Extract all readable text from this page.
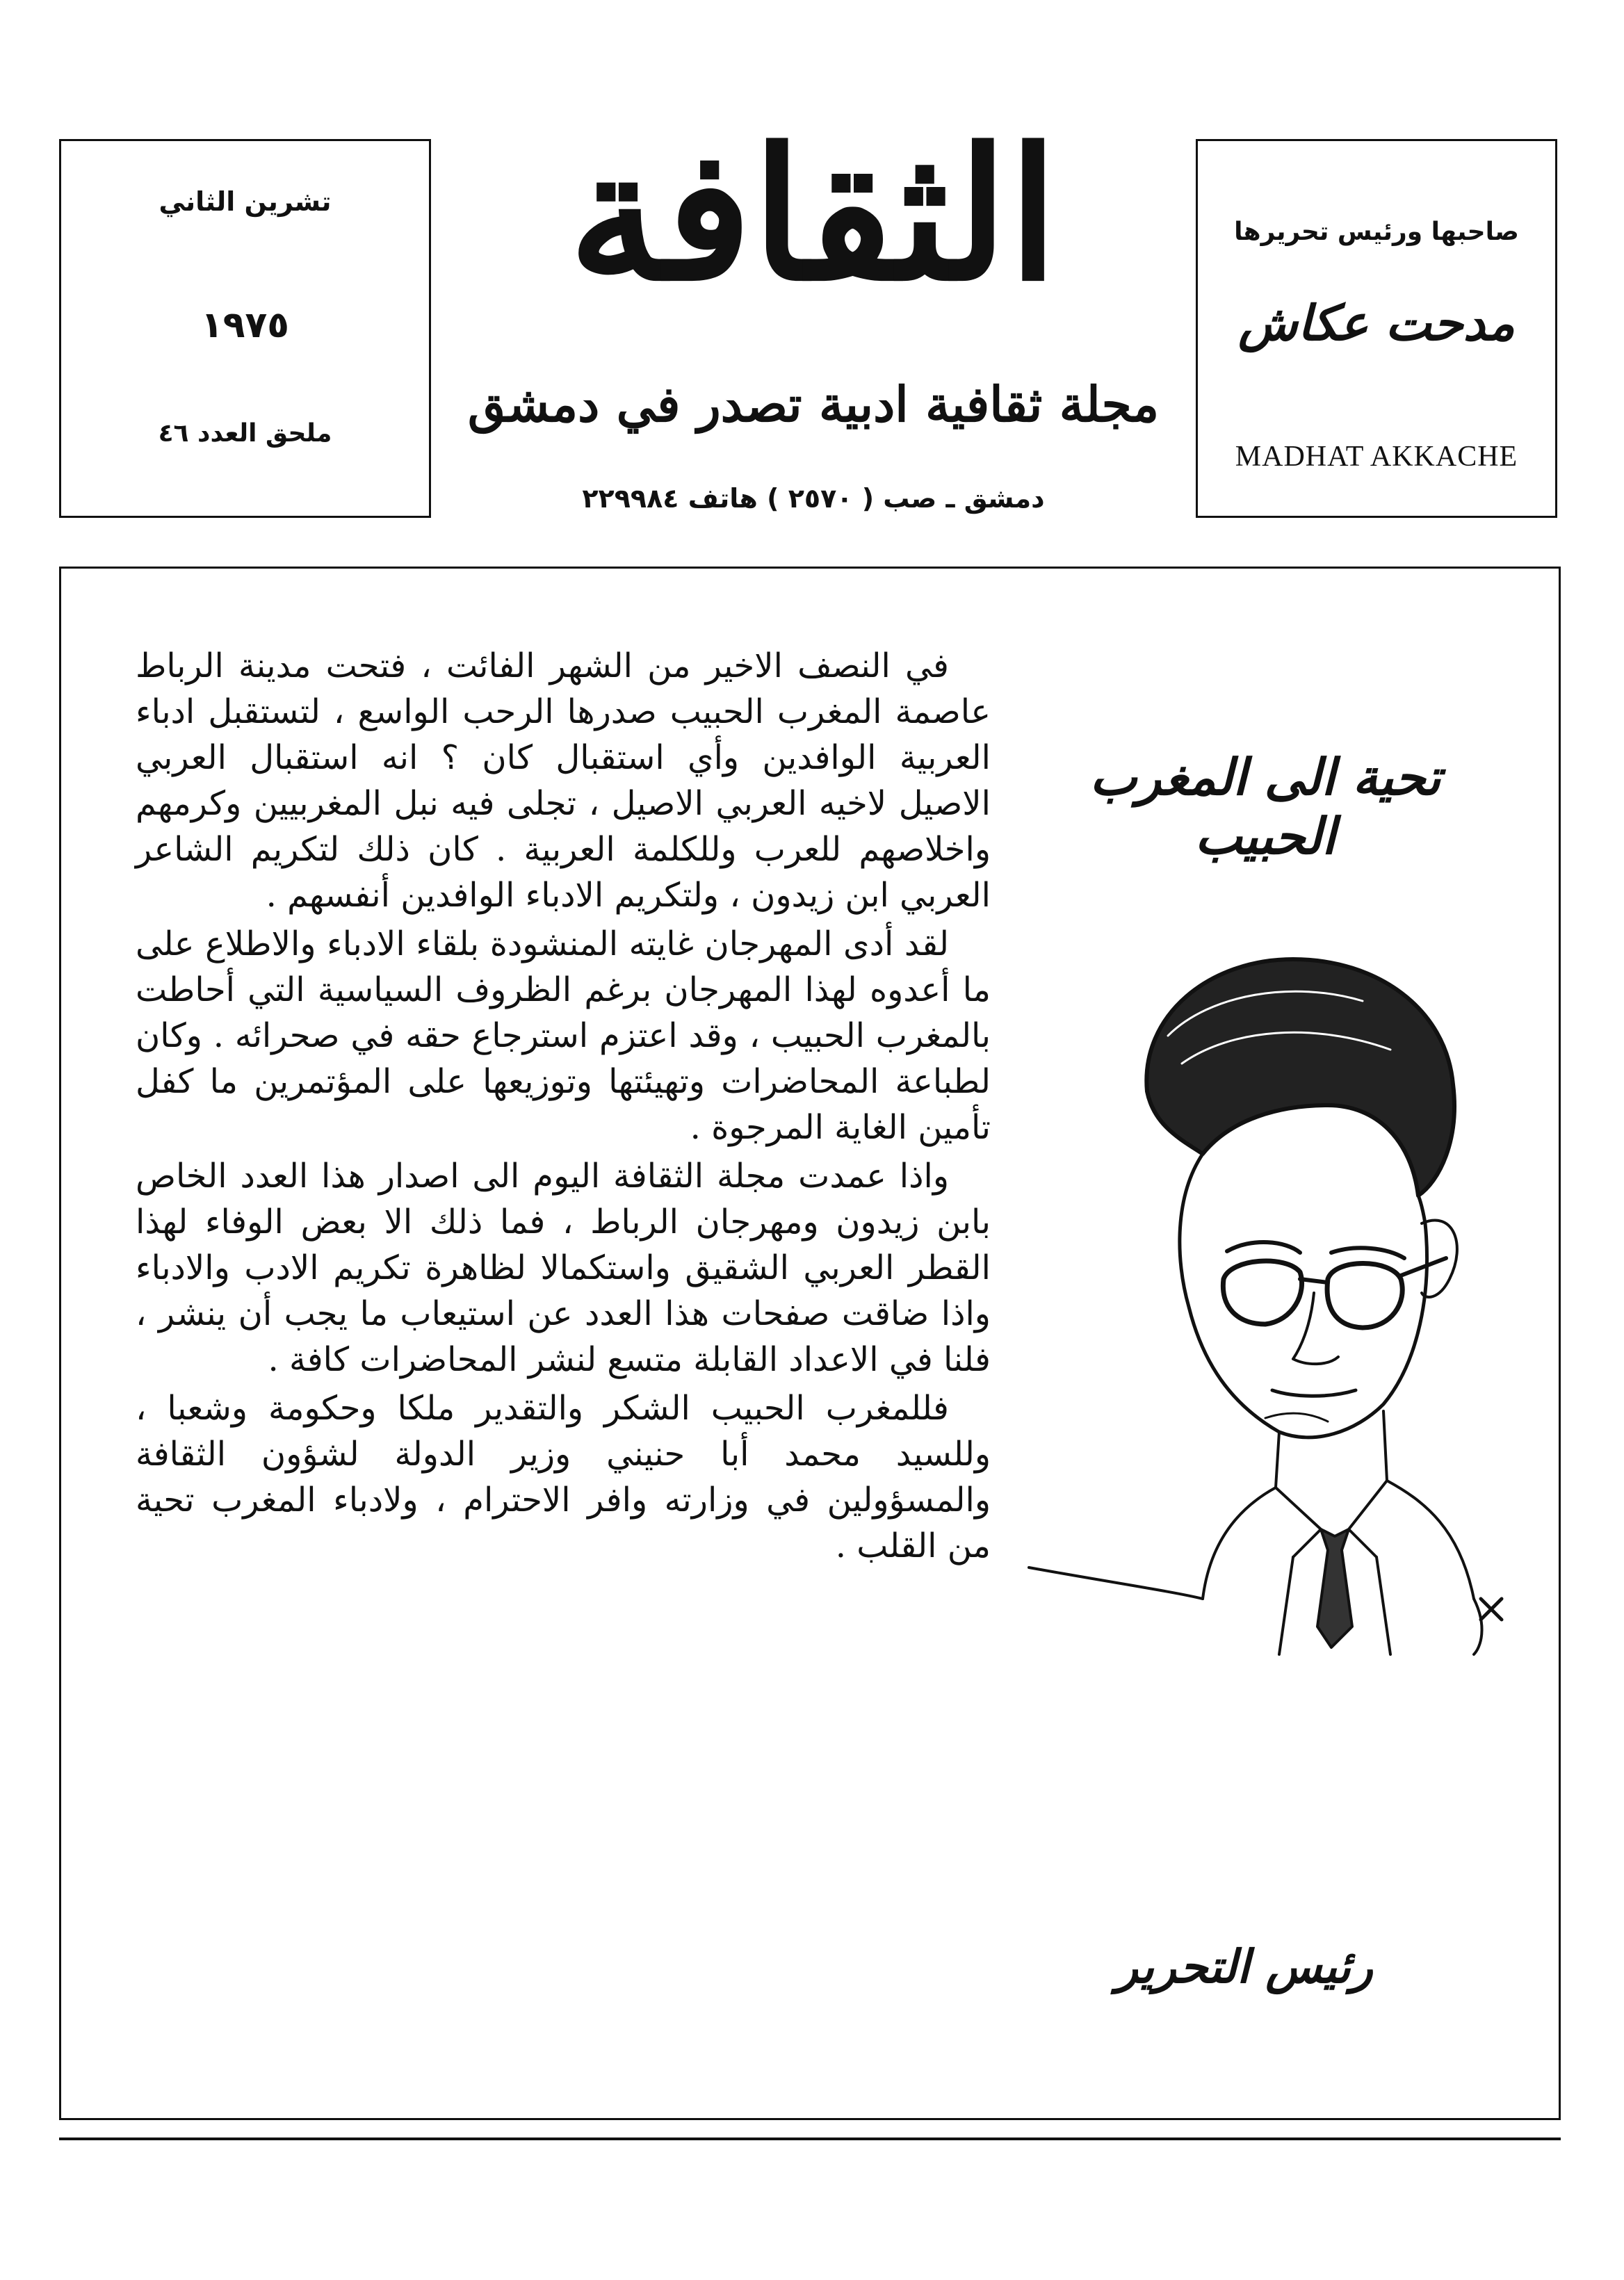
تشرين الثاني
١٩٧٥
ملحق العدد ٤٦
الثقافة
مجلة ثقافية ادبية تصدر في دمشق
دمشق ـ صب ( ٢٥٧٠ ) هاتف ٢٢٩٩٨٤
صاحبها ورئيس تحريرها
مدحت عكاش
MADHAT AKKACHE

في النصف الاخير من الشهر الفائت ، فتحت مدينة الرباط عاصمة المغرب الحبيب صدرها الرحب الواسع ، لتستقبل ادباء العربية الوافدين وأي استقبال كان ؟ انه استقبال العربي الاصيل لاخيه العربي الاصيل ، تجلى فيه نبل المغربيين وكرمهم واخلاصهم للعرب وللكلمة العربية . كان ذلك لتكريم الشاعر العربي ابن زيدون ، ولتكريم الادباء الوافدين أنفسهم .

لقد أدى المهرجان غايته المنشودة بلقاء الادباء والاطلاع على ما أعدوه لهذا المهرجان برغم الظروف السياسية التي أحاطت بالمغرب الحبيب ، وقد اعتزم استرجاع حقه في صحرائه . وكان لطباعة المحاضرات وتهيئتها وتوزيعها على المؤتمرين ما كفل تأمين الغاية المرجوة .

واذا عمدت مجلة الثقافة اليوم الى اصدار هذا العدد الخاص بابن زيدون ومهرجان الرباط ، فما ذلك الا بعض الوفاء لهذا القطر العربي الشقيق واستكمالا لظاهرة تكريم الادب والادباء واذا ضاقت صفحات هذا العدد عن استيعاب ما يجب أن ينشر ، فلنا في الاعداد القابلة متسع لنشر المحاضرات كافة .

فللمغرب الحبيب الشكر والتقدير ملكا وحكومة وشعبا ، وللسيد محمد أبا حنيني وزير الدولة لشؤون الثقافة والمسؤولين في وزارته وافر الاحترام ، ولادباء المغرب تحية من القلب .

تحية الى المغرب الحبيب
رئيس التحرير
